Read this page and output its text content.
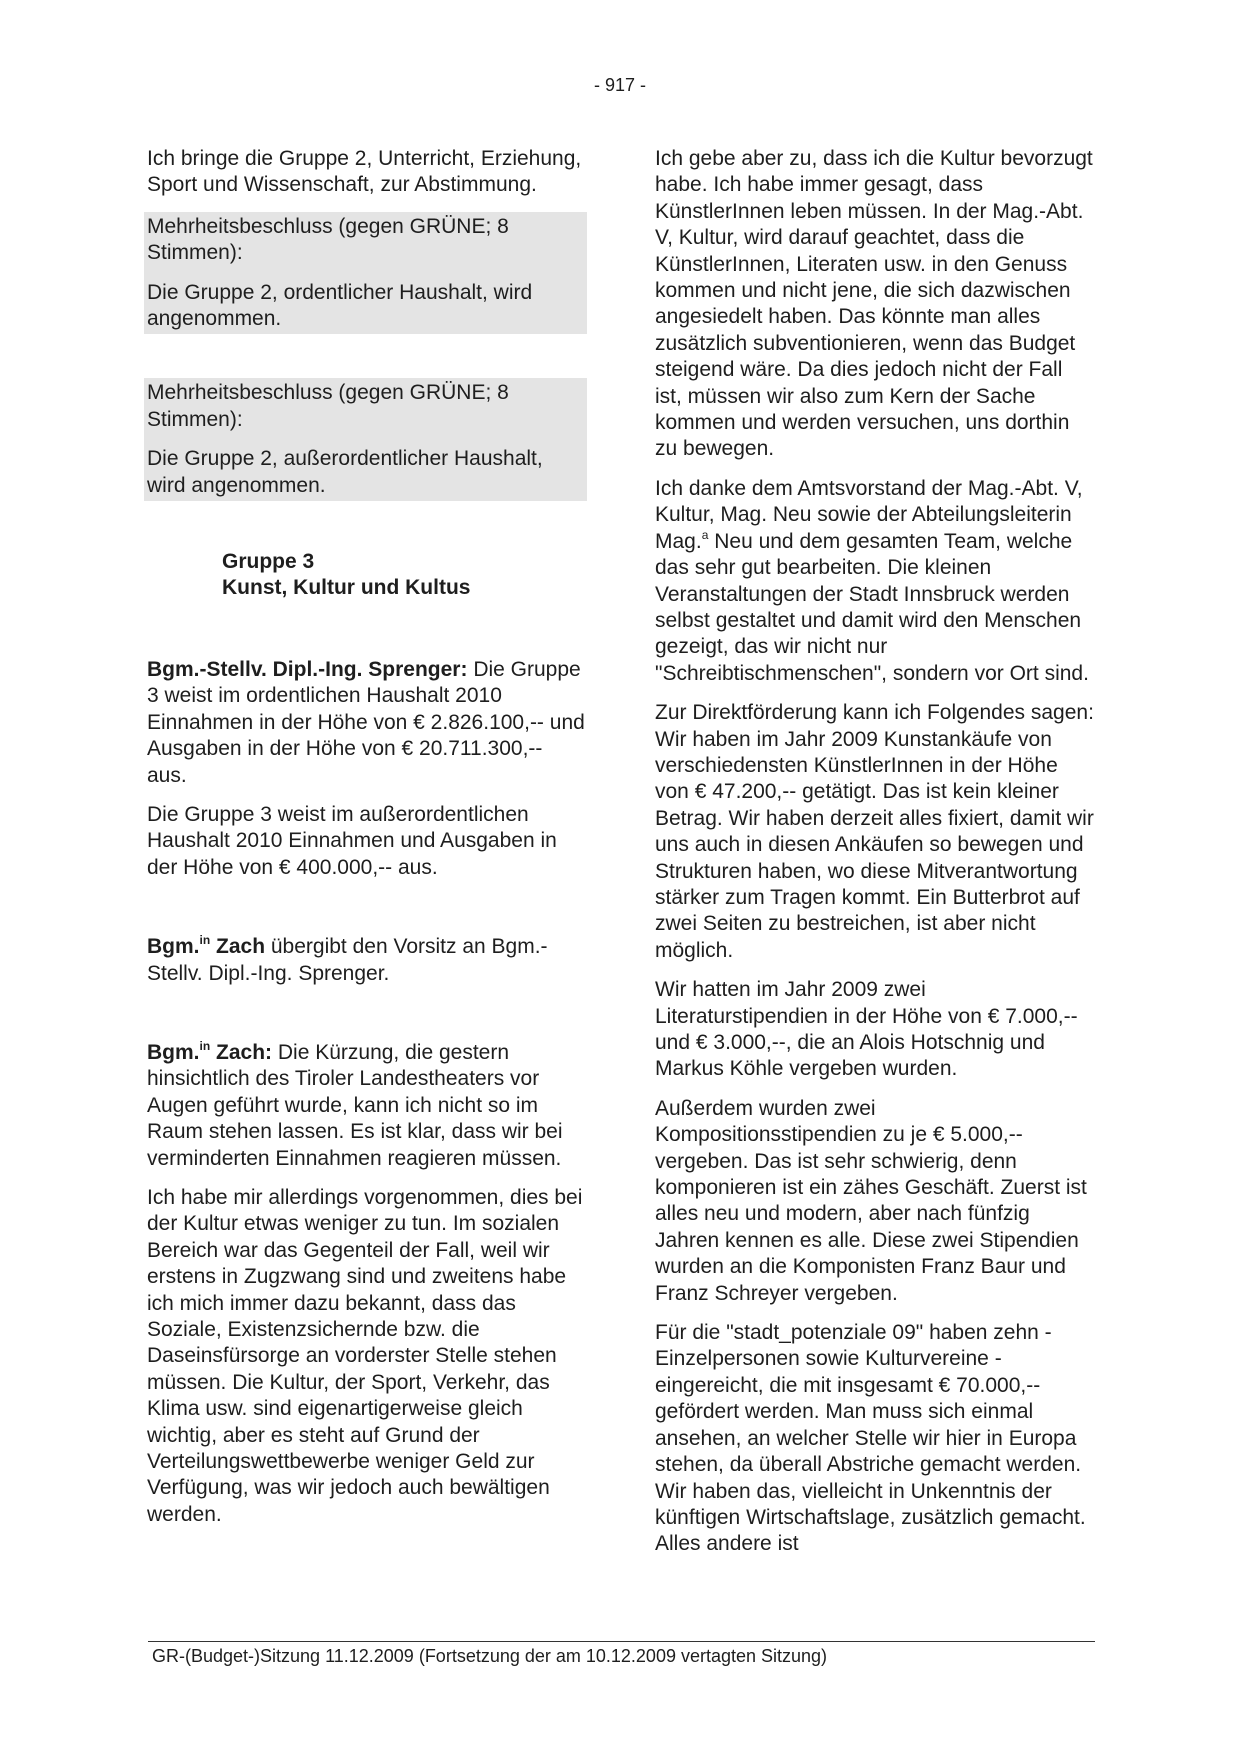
- 917 -

Ich bringe die Gruppe 2, Unterricht, Erziehung, Sport und Wissenschaft, zur Abstimmung.

Mehrheitsbeschluss (gegen GRÜNE; 8 Stimmen):

Die Gruppe 2, ordentlicher Haushalt, wird angenommen.

Mehrheitsbeschluss (gegen GRÜNE; 8 Stimmen):

Die Gruppe 2, außerordentlicher Haushalt, wird angenommen.

Gruppe 3
Kunst, Kultur und Kultus

Bgm.-Stellv. Dipl.-Ing. Sprenger: Die Gruppe 3 weist im ordentlichen Haushalt 2010 Einnahmen in der Höhe von € 2.826.100,-- und Ausgaben in der Höhe von € 20.711.300,-- aus.

Die Gruppe 3 weist im außerordentlichen Haushalt 2010 Einnahmen und Ausgaben in der Höhe von € 400.000,-- aus.

Bgm.$^{in}$ Zach übergibt den Vorsitz an Bgm.-Stellv. Dipl.-Ing. Sprenger.

Bgm.$^{in}$ Zach: Die Kürzung, die gestern hinsichtlich des Tiroler Landestheaters vor Augen geführt wurde, kann ich nicht so im Raum stehen lassen. Es ist klar, dass wir bei verminderten Einnahmen reagieren müssen.

Ich habe mir allerdings vorgenommen, dies bei der Kultur etwas weniger zu tun. Im sozialen Bereich war das Gegenteil der Fall, weil wir erstens in Zugzwang sind und zweitens habe ich mich immer dazu bekannt, dass das Soziale, Existenzsichernde bzw. die Daseinsfürsorge an vorderster Stelle stehen müssen. Die Kultur, der Sport, Verkehr, das Klima usw. sind eigenartigerweise gleich wichtig, aber es steht auf Grund der Verteilungswettbewerbe weniger Geld zur Verfügung, was wir jedoch auch bewältigen werden.

Ich gebe aber zu, dass ich die Kultur bevorzugt habe. Ich habe immer gesagt, dass KünstlerInnen leben müssen. In der Mag.-Abt. V, Kultur, wird darauf geachtet, dass die KünstlerInnen, Literaten usw. in den Genuss kommen und nicht jene, die sich dazwischen angesiedelt haben. Das könnte man alles zusätzlich subventionieren, wenn das Budget steigend wäre. Da dies jedoch nicht der Fall ist, müssen wir also zum Kern der Sache kommen und werden versuchen, uns dorthin zu bewegen.

Ich danke dem Amtsvorstand der Mag.-Abt. V, Kultur, Mag. Neu sowie der Abteilungsleiterin Mag.$^a$ Neu und dem gesamten Team, welche das sehr gut bearbeiten. Die kleinen Veranstaltungen der Stadt Innsbruck werden selbst gestaltet und damit wird den Menschen gezeigt, das wir nicht nur "Schreibtischmenschen", sondern vor Ort sind.

Zur Direktförderung kann ich Folgendes sagen: Wir haben im Jahr 2009 Kunstankäufe von verschiedensten KünstlerInnen in der Höhe von € 47.200,-- getätigt. Das ist kein kleiner Betrag. Wir haben derzeit alles fixiert, damit wir uns auch in diesen Ankäufen so bewegen und Strukturen haben, wo diese Mitverantwortung stärker zum Tragen kommt. Ein Butterbrot auf zwei Seiten zu bestreichen, ist aber nicht möglich.

Wir hatten im Jahr 2009 zwei Literaturstipendien in der Höhe von € 7.000,-- und € 3.000,--, die an Alois Hotschnig und Markus Köhle vergeben wurden.

Außerdem wurden zwei Kompositionsstipendien zu je € 5.000,-- vergeben. Das ist sehr schwierig, denn komponieren ist ein zähes Geschäft. Zuerst ist alles neu und modern, aber nach fünfzig Jahren kennen es alle. Diese zwei Stipendien wurden an die Komponisten Franz Baur und Franz Schreyer vergeben.

Für die "stadt_potenziale 09" haben zehn - Einzelpersonen sowie Kulturvereine - eingereicht, die mit insgesamt € 70.000,-- gefördert werden. Man muss sich einmal ansehen, an welcher Stelle wir hier in Europa stehen, da überall Abstriche gemacht werden. Wir haben das, vielleicht in Unkenntnis der künftigen Wirtschaftslage, zusätzlich gemacht. Alles andere ist

GR-(Budget-)Sitzung 11.12.2009 (Fortsetzung der am 10.12.2009 vertagten Sitzung)
